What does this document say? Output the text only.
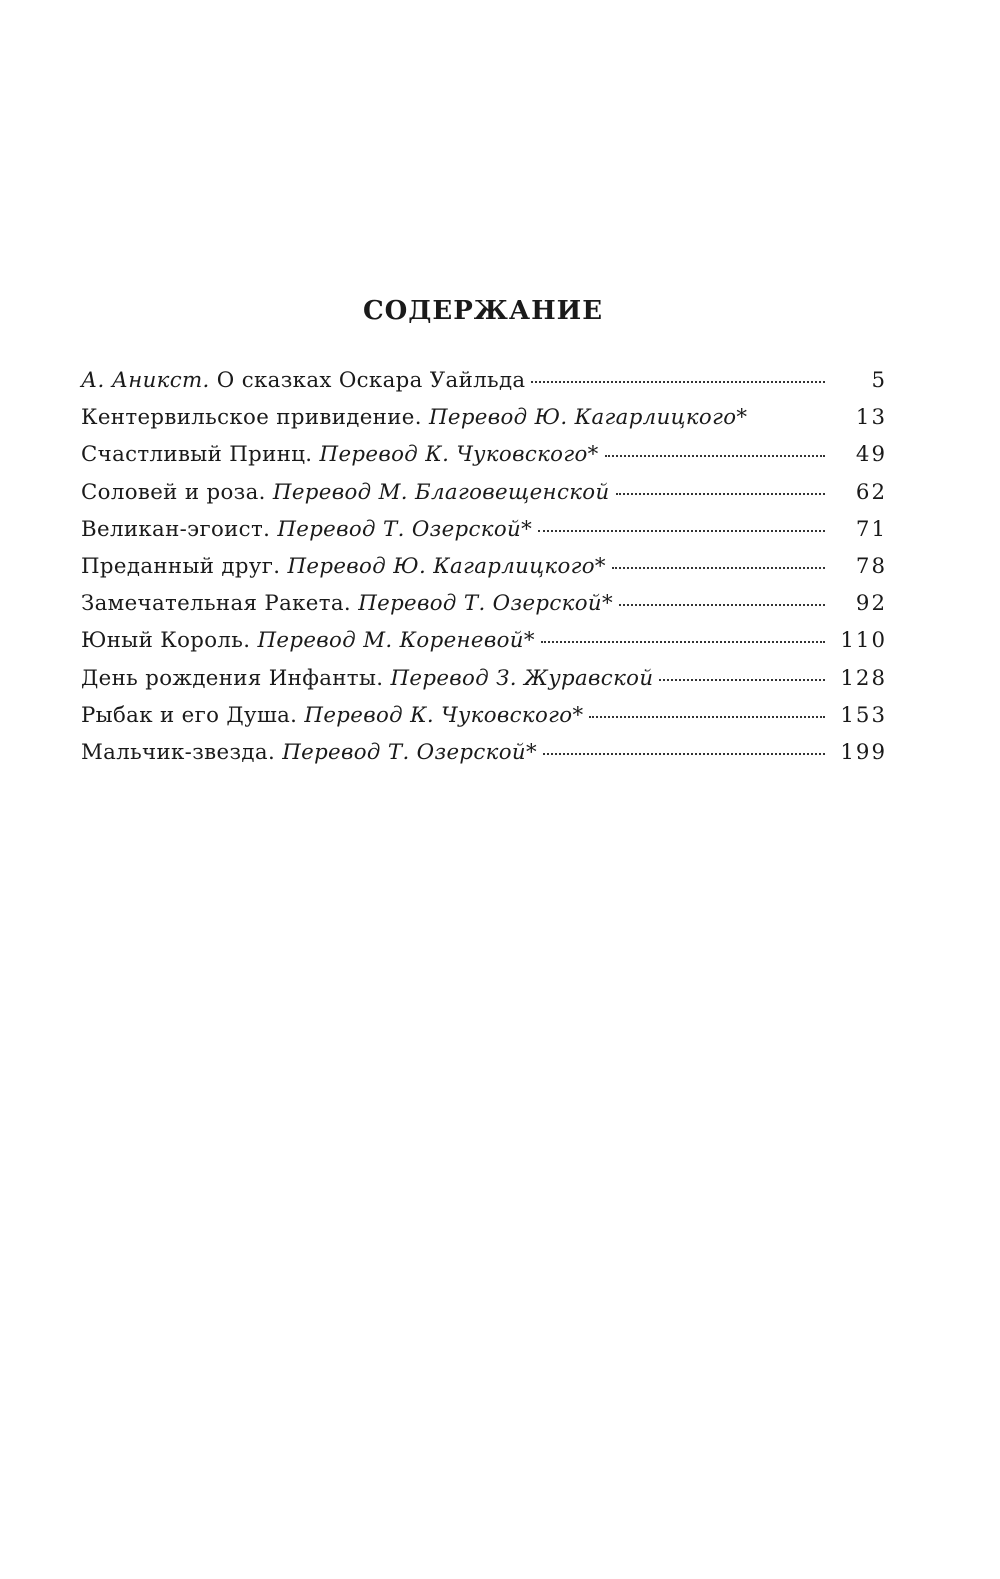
СОДЕРЖАНИЕ
А. Аникст. О сказках Оскара Уайльда	5
Кентервильское привидение. Перевод Ю. Кагарлицкого*	13
Счастливый Принц. Перевод К. Чуковского*	49
Соловей и роза. Перевод М. Благовещенской	62
Великан-эгоист. Перевод Т. Озерской*	71
Преданный друг. Перевод Ю. Кагарлицкого*	78
Замечательная Ракета. Перевод Т. Озерской*	92
Юный Король. Перевод М. Кореневой*	110
День рождения Инфанты. Перевод З. Журавской	128
Рыбак и его Душа. Перевод К. Чуковского*	153
Мальчик-звезда. Перевод Т. Озерской*	199
